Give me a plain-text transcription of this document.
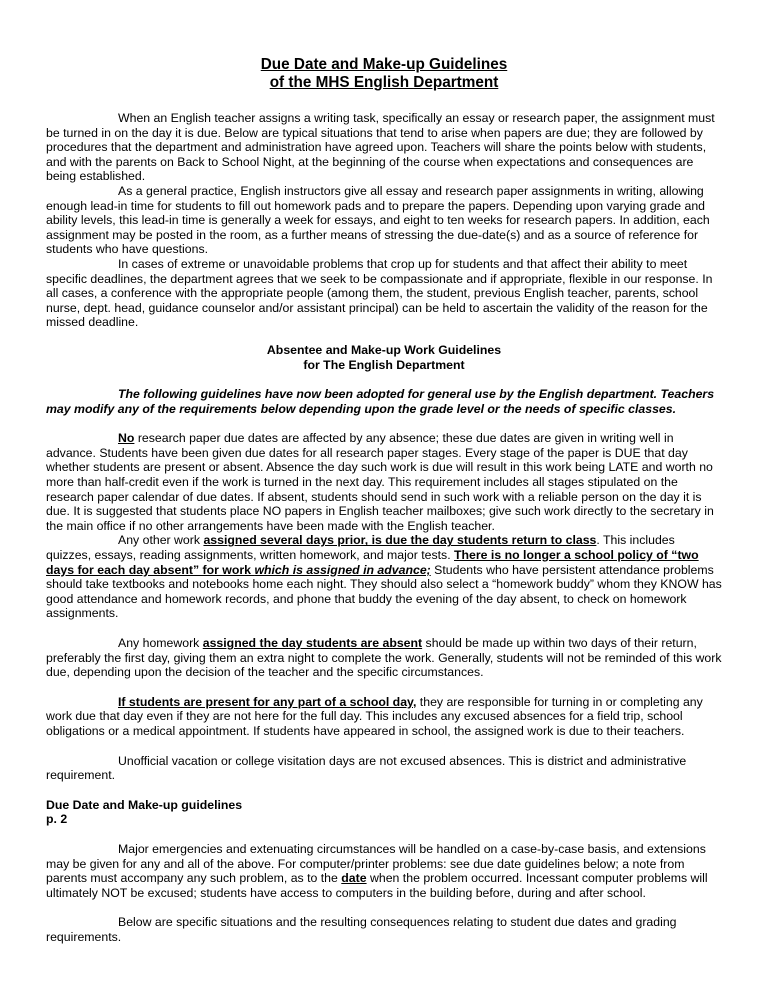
Due Date and Make-up Guidelines
of the MHS English Department

When an English teacher assigns a writing task, specifically an essay or research paper, the assignment must be turned in on the day it is due. Below are typical situations that tend to arise when papers are due; they are followed by procedures that the department and administration have agreed upon. Teachers will share the points below with students, and with the parents on Back to School Night, at the beginning of the course when expectations and consequences are being established.

As a general practice, English instructors give all essay and research paper assignments in writing, allowing enough lead-in time for students to fill out homework pads and to prepare the papers. Depending upon varying grade and ability levels, this lead-in time is generally a week for essays, and eight to ten weeks for research papers. In addition, each assignment may be posted in the room, as a further means of stressing the due-date(s) and as a source of reference for students who have questions.

In cases of extreme or unavoidable problems that crop up for students and that affect their ability to meet specific deadlines, the department agrees that we seek to be compassionate and if appropriate, flexible in our response. In all cases, a conference with the appropriate people (among them, the student, previous English teacher, parents, school nurse, dept. head, guidance counselor and/or assistant principal) can be held to ascertain the validity of the reason for the missed deadline.

Absentee and Make-up Work Guidelines
for The English Department

The following guidelines have now been adopted for general use by the English department. Teachers may modify any of the requirements below depending upon the grade level or the needs of specific classes.

No research paper due dates are affected by any absence; these due dates are given in writing well in advance. Students have been given due dates for all research paper stages. Every stage of the paper is DUE that day whether students are present or absent. Absence the day such work is due will result in this work being LATE and worth no more than half-credit even if the work is turned in the next day. This requirement includes all stages stipulated on the research paper calendar of due dates. If absent, students should send in such work with a reliable person on the day it is due. It is suggested that students place NO papers in English teacher mailboxes; give such work directly to the secretary in the main office if no other arrangements have been made with the English teacher.

Any other work assigned several days prior, is due the day students return to class. This includes quizzes, essays, reading assignments, written homework, and major tests. There is no longer a school policy of “two days for each day absent” for work which is assigned in advance; Students who have persistent attendance problems should take textbooks and notebooks home each night. They should also select a “homework buddy” whom they KNOW has good attendance and homework records, and phone that buddy the evening of the day absent, to check on homework assignments.

Any homework assigned the day students are absent should be made up within two days of their return, preferably the first day, giving them an extra night to complete the work. Generally, students will not be reminded of this work due, depending upon the decision of the teacher and the specific circumstances.

If students are present for any part of a school day, they are responsible for turning in or completing any work due that day even if they are not here for the full day. This includes any excused absences for a field trip, school obligations or a medical appointment. If students have appeared in school, the assigned work is due to their teachers.

Unofficial vacation or college visitation days are not excused absences. This is district and administrative requirement.

Due Date and Make-up guidelines
p. 2

Major emergencies and extenuating circumstances will be handled on a case-by-case basis, and extensions may be given for any and all of the above. For computer/printer problems: see due date guidelines below; a note from parents must accompany any such problem, as to the date when the problem occurred. Incessant computer problems will ultimately NOT be excused; students have access to computers in the building before, during and after school.

Below are specific situations and the resulting consequences relating to student due dates and grading requirements.
